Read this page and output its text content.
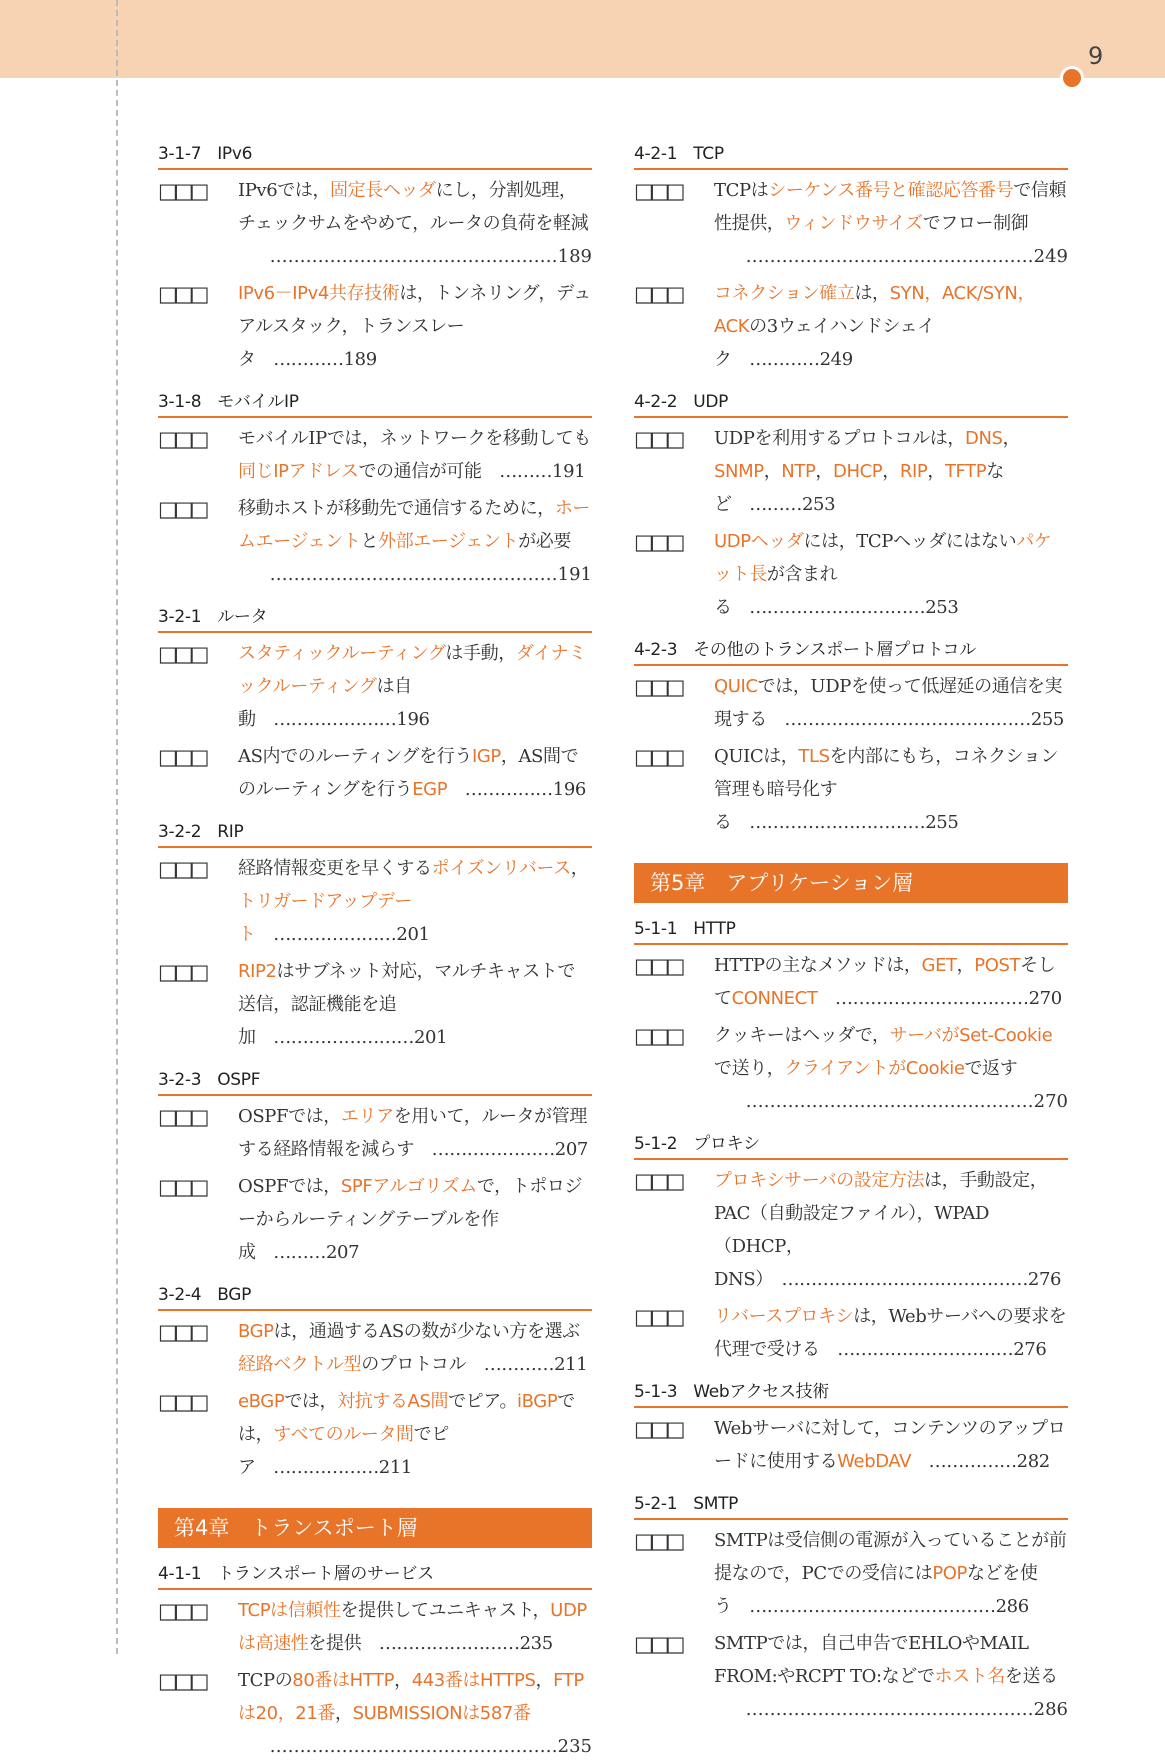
9
3-1-7 IPv6
□□□ IPv6では，固定長ヘッダにし，分割処理，チェックサムをやめて，ルータの負荷を軽減
…………………………………………189
□□□ IPv6－IPv4共存技術は，トンネリング，デュアルスタック，トランスレータ　…………189
3-1-8 モバイルIP
□□□ モバイルIPでは，ネットワークを移動しても同じIPアドレスでの通信が可能　………191
□□□ 移動ホストが移動先で通信するために，ホームエージェントと外部エージェントが必要
…………………………………………191
3-2-1 ルータ
□□□ スタティックルーティングは手動，ダイナミックルーティングは自動　…………………196
□□□ AS内でのルーティングを行うIGP，AS間でのルーティングを行うEGP　……………196
3-2-2 RIP
□□□ 経路情報変更を早くするポイズンリバース，トリガードアップデート　…………………201
□□□ RIP2はサブネット対応，マルチキャストで送信，認証機能を追加　……………………201
3-2-3 OSPF
□□□ OSPFでは，エリアを用いて，ルータが管理する経路情報を減らす　…………………207
□□□ OSPFでは，SPFアルゴリズムで，トポロジーからルーティングテーブルを作成　………207
3-2-4 BGP
□□□ BGPは，通過するASの数が少ない方を選ぶ経路ベクトル型のプロトコル　…………211
□□□ eBGPでは，対抗するAS間でピア。iBGPでは，すべてのルータ間でピア　………………211
第4章　トランスポート層
4-1-1 トランスポート層のサービス
□□□ TCPは信頼性を提供してユニキャスト，UDPは高速性を提供　……………………235
□□□ TCPの80番はHTTP，443番はHTTPS，FTPは20，21番，SUBMISSIONは587番
…………………………………………235
4-2-1 TCP
□□□ TCPはシーケンス番号と確認応答番号で信頼性提供，ウィンドウサイズでフロー制御
…………………………………………249
□□□ コネクション確立は，SYN，ACK/SYN，ACKの3ウェイハンドシェイク　…………249
4-2-2 UDP
□□□ UDPを利用するプロトコルは，DNS，SNMP，NTP，DHCP，RIP，TFTPなど　………253
□□□ UDPヘッダには，TCPヘッダにはないパケット長が含まれる　…………………………253
4-2-3 その他のトランスポート層プロトコル
□□□ QUICでは，UDPを使って低遅延の通信を実現する　……………………………………255
□□□ QUICは，TLSを内部にもち，コネクション管理も暗号化する　…………………………255
第5章　アプリケーション層
5-1-1 HTTP
□□□ HTTPの主なメソッドは，GET，POSTそしてCONNECT　……………………………270
□□□ クッキーはヘッダで，サーバがSet-Cookieで送り，クライアントがCookieで返す
…………………………………………270
5-1-2 プロキシ
□□□ プロキシサーバの設定方法は，手動設定，PAC（自動設定ファイル），WPAD（DHCP，DNS）　……………………………………276
□□□ リバースプロキシは，Webサーバへの要求を代理で受ける　…………………………276
5-1-3 Webアクセス技術
□□□ Webサーバに対して，コンテンツのアップロードに使用するWebDAV　……………282
5-2-1 SMTP
□□□ SMTPは受信側の電源が入っていることが前提なので，PCでの受信にはPOPなどを使う　……………………………………286
□□□ SMTPでは，自己申告でEHLOやMAIL FROM:やRCPT TO:などでホスト名を送る
…………………………………………286
